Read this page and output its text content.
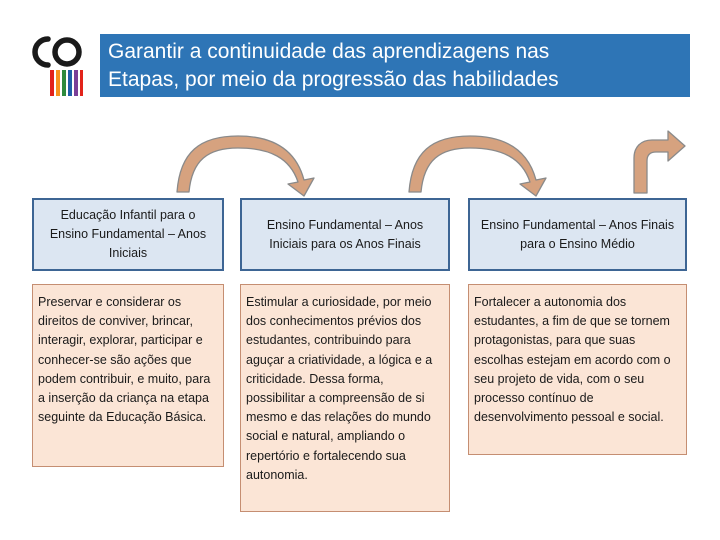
Garantir a continuidade das aprendizagens nas
Etapas, por meio da progressão das habilidades
Educação Infantil para o Ensino Fundamental – Anos Iniciais
Ensino Fundamental – Anos Iniciais para os Anos Finais
Ensino Fundamental – Anos Finais para o Ensino Médio
Preservar e considerar os direitos de conviver, brincar, interagir, explorar, participar e conhecer-se são ações que podem contribuir, e muito, para a inserção da criança na etapa seguinte da Educação Básica.
Estimular a curiosidade, por meio dos conhecimentos prévios dos estudantes, contribuindo para aguçar a criatividade, a lógica e a criticidade. Dessa forma, possibilitar a compreensão de si mesmo e das relações do mundo social e natural, ampliando o repertório e fortalecendo sua autonomia.
Fortalecer a autonomia dos estudantes, a fim de que se tornem protagonistas, para que suas escolhas estejam em acordo com o seu projeto de vida, com o seu processo contínuo de desenvolvimento pessoal e social.
